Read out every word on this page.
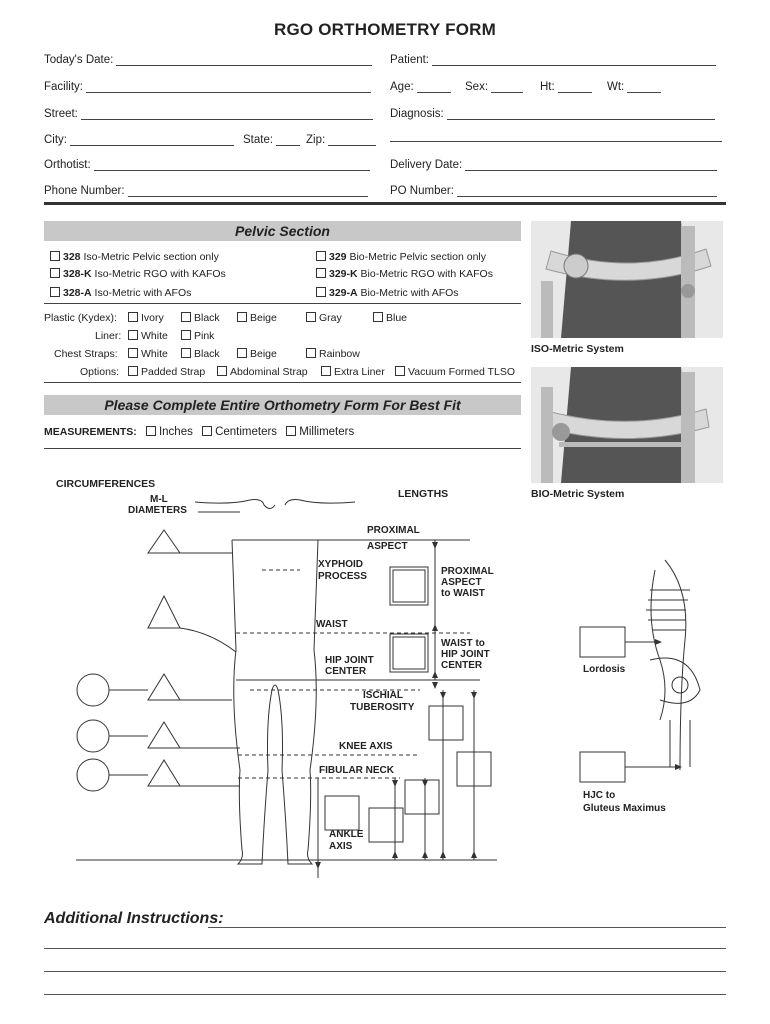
RGO ORTHOMETRY FORM
Today's Date:	Patient:
Facility:	Age:	Sex:	Ht:	Wt:
Street:	Diagnosis:
City:	State:	Zip:
Orthotist:	Delivery Date:
Phone Number:	PO Number:
Pelvic Section
328 Iso-Metric Pelvic section only	329 Bio-Metric Pelvic section only
328-K Iso-Metric RGO with KAFOs	329-K Bio-Metric RGO with KAFOs
328-A Iso-Metric with AFOs	329-A Bio-Metric with AFOs
Plastic (Kydex):	Ivory	Black	Beige	Gray	Blue
Liner:	White	Pink
Chest Straps:	White	Black	Beige	Rainbow
Options:	Padded Strap	Abdominal Strap	Extra Liner	Vacuum Formed TLSO
ISO-Metric System
BIO-Metric System
Please Complete Entire Orthometry Form For Best Fit
MEASUREMENTS: Inches Centimeters Millimeters
CIRCUMFERENCES
M-L
DIAMETERS
LENGTHS
PROXIMAL
ASPECT
XYPHOID
PROCESS	PROXIMAL
ASPECT
to WAIST
WAIST
HIP JOINT
CENTER
WAIST to
HIP JOINT
CENTER
ISCHIAL
TUBEROSITY
KNEE AXIS
FIBULAR NECK
ANKLE
AXIS
Lordosis
HJC to
Gluteus Maximus
Additional Instructions:
